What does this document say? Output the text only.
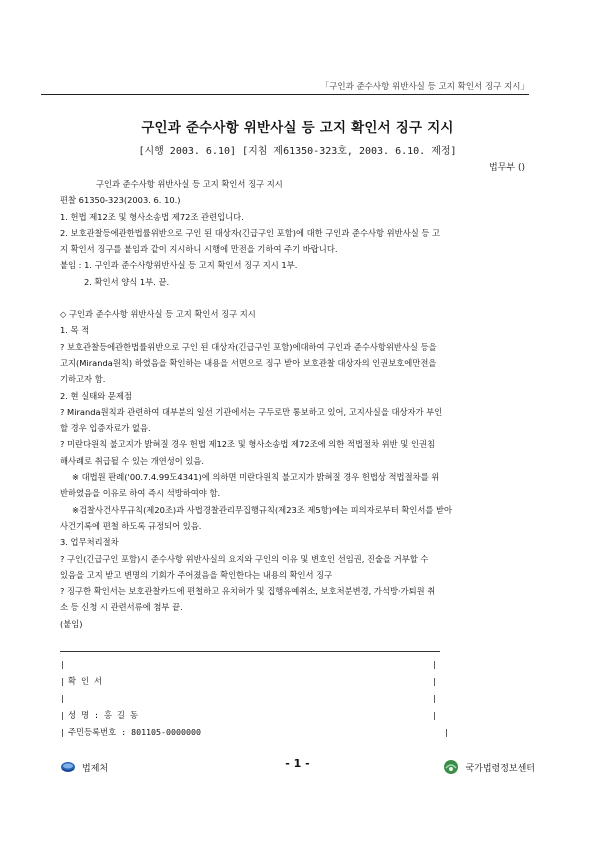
「구인과 준수사항 위반사실 등 고지 확인서 징구 지시」
구인과 준수사항 위반사실 등 고지 확인서 징구 지시
[시행 2003. 6.10] [지침 제61350-323호, 2003. 6.10. 제정]
법무부 ()
구인과 준수사항 위반사실 등 고지 확인서 징구 지시
편찰 61350-323(2003. 6. 10.)
1. 헌법 제12조 및 형사소송법 제72조 관련입니다.
2. 보호관찰등에관한법률위반으로 구인 된 대상자(긴급구인 포함)에 대한 구인과 준수사항 위반사실 등 고
지 확인서 징구를 붙임과 같이 지시하니 시행에 만전을 기하여 주기 바랍니다.
붙임 : 1. 구인과 준수사항위반사실 등 고지 확인서 징구 지시 1부.
2. 확인서 양식 1부. 끝.
◇ 구인과 준수사항 위반사실 등 고지 확인서 징구 지시
1. 목 적
? 보호관찰등에관한법률위반으로 구인 된 대상자(긴급구인 포함)에대하여 구인과 준수사항위반사실 등을
고지(Miranda원칙) 하였음을 확인하는 내용을 서면으로 징구 받아 보호관찰 대상자의 인권보호에만전을
기하고자 함.
2. 현 실태와 문제점
? Miranda원칙과 관련하여 대부분의 일선 기관에서는 구두로만 통보하고 있어, 고지사실을 대상자가 부인
할 경우 입증자료가 없음.
? 미란다원칙 불고지가 밝혀질 경우 헌법 제12조 및 형사소송법 제72조에 의한 적법절차 위반 및 인권침
해사례로 취급될 수 있는 개연성이 있음.
※ 대법원 판례('00.7.4.99도4341)에 의하면 미란다원칙 불고지가 밝혀질 경우 헌법상 적법절차를 위
반하였음을 이유로 하여 즉시 석방하여야 함.
※검찰사건사무규칙(제20조)과 사법경찰관리무집행규칙(제23조 제5항)에는 피의자로부터 확인서를 받아
사건기록에 편철 하도록 규정되어 있음.
3. 업무처리절차
? 구인(긴급구인 포함)시 준수사항 위반사실의 요지와 구인의 이유 및 변호인 선임권, 진술을 거부할 수
있음을 고지 받고 변명의 기회가 주어졌음을 확인한다는 내용의 확인서 징구
? 징구한 확인서는 보호관찰카드에 편철하고 유치허가 및 집행유예취소, 보호처분변경, 가석방·가퇴원 취
소 등 신청 시 관련서류에 첨부 끝.
(붙임)
|	|
| 확 인 서	|
|	|
| 성 명 : 홍 길 동	|
| 주민등록번호 : 801105-0000000	|
법제처	- 1 -	국가법령정보센터
